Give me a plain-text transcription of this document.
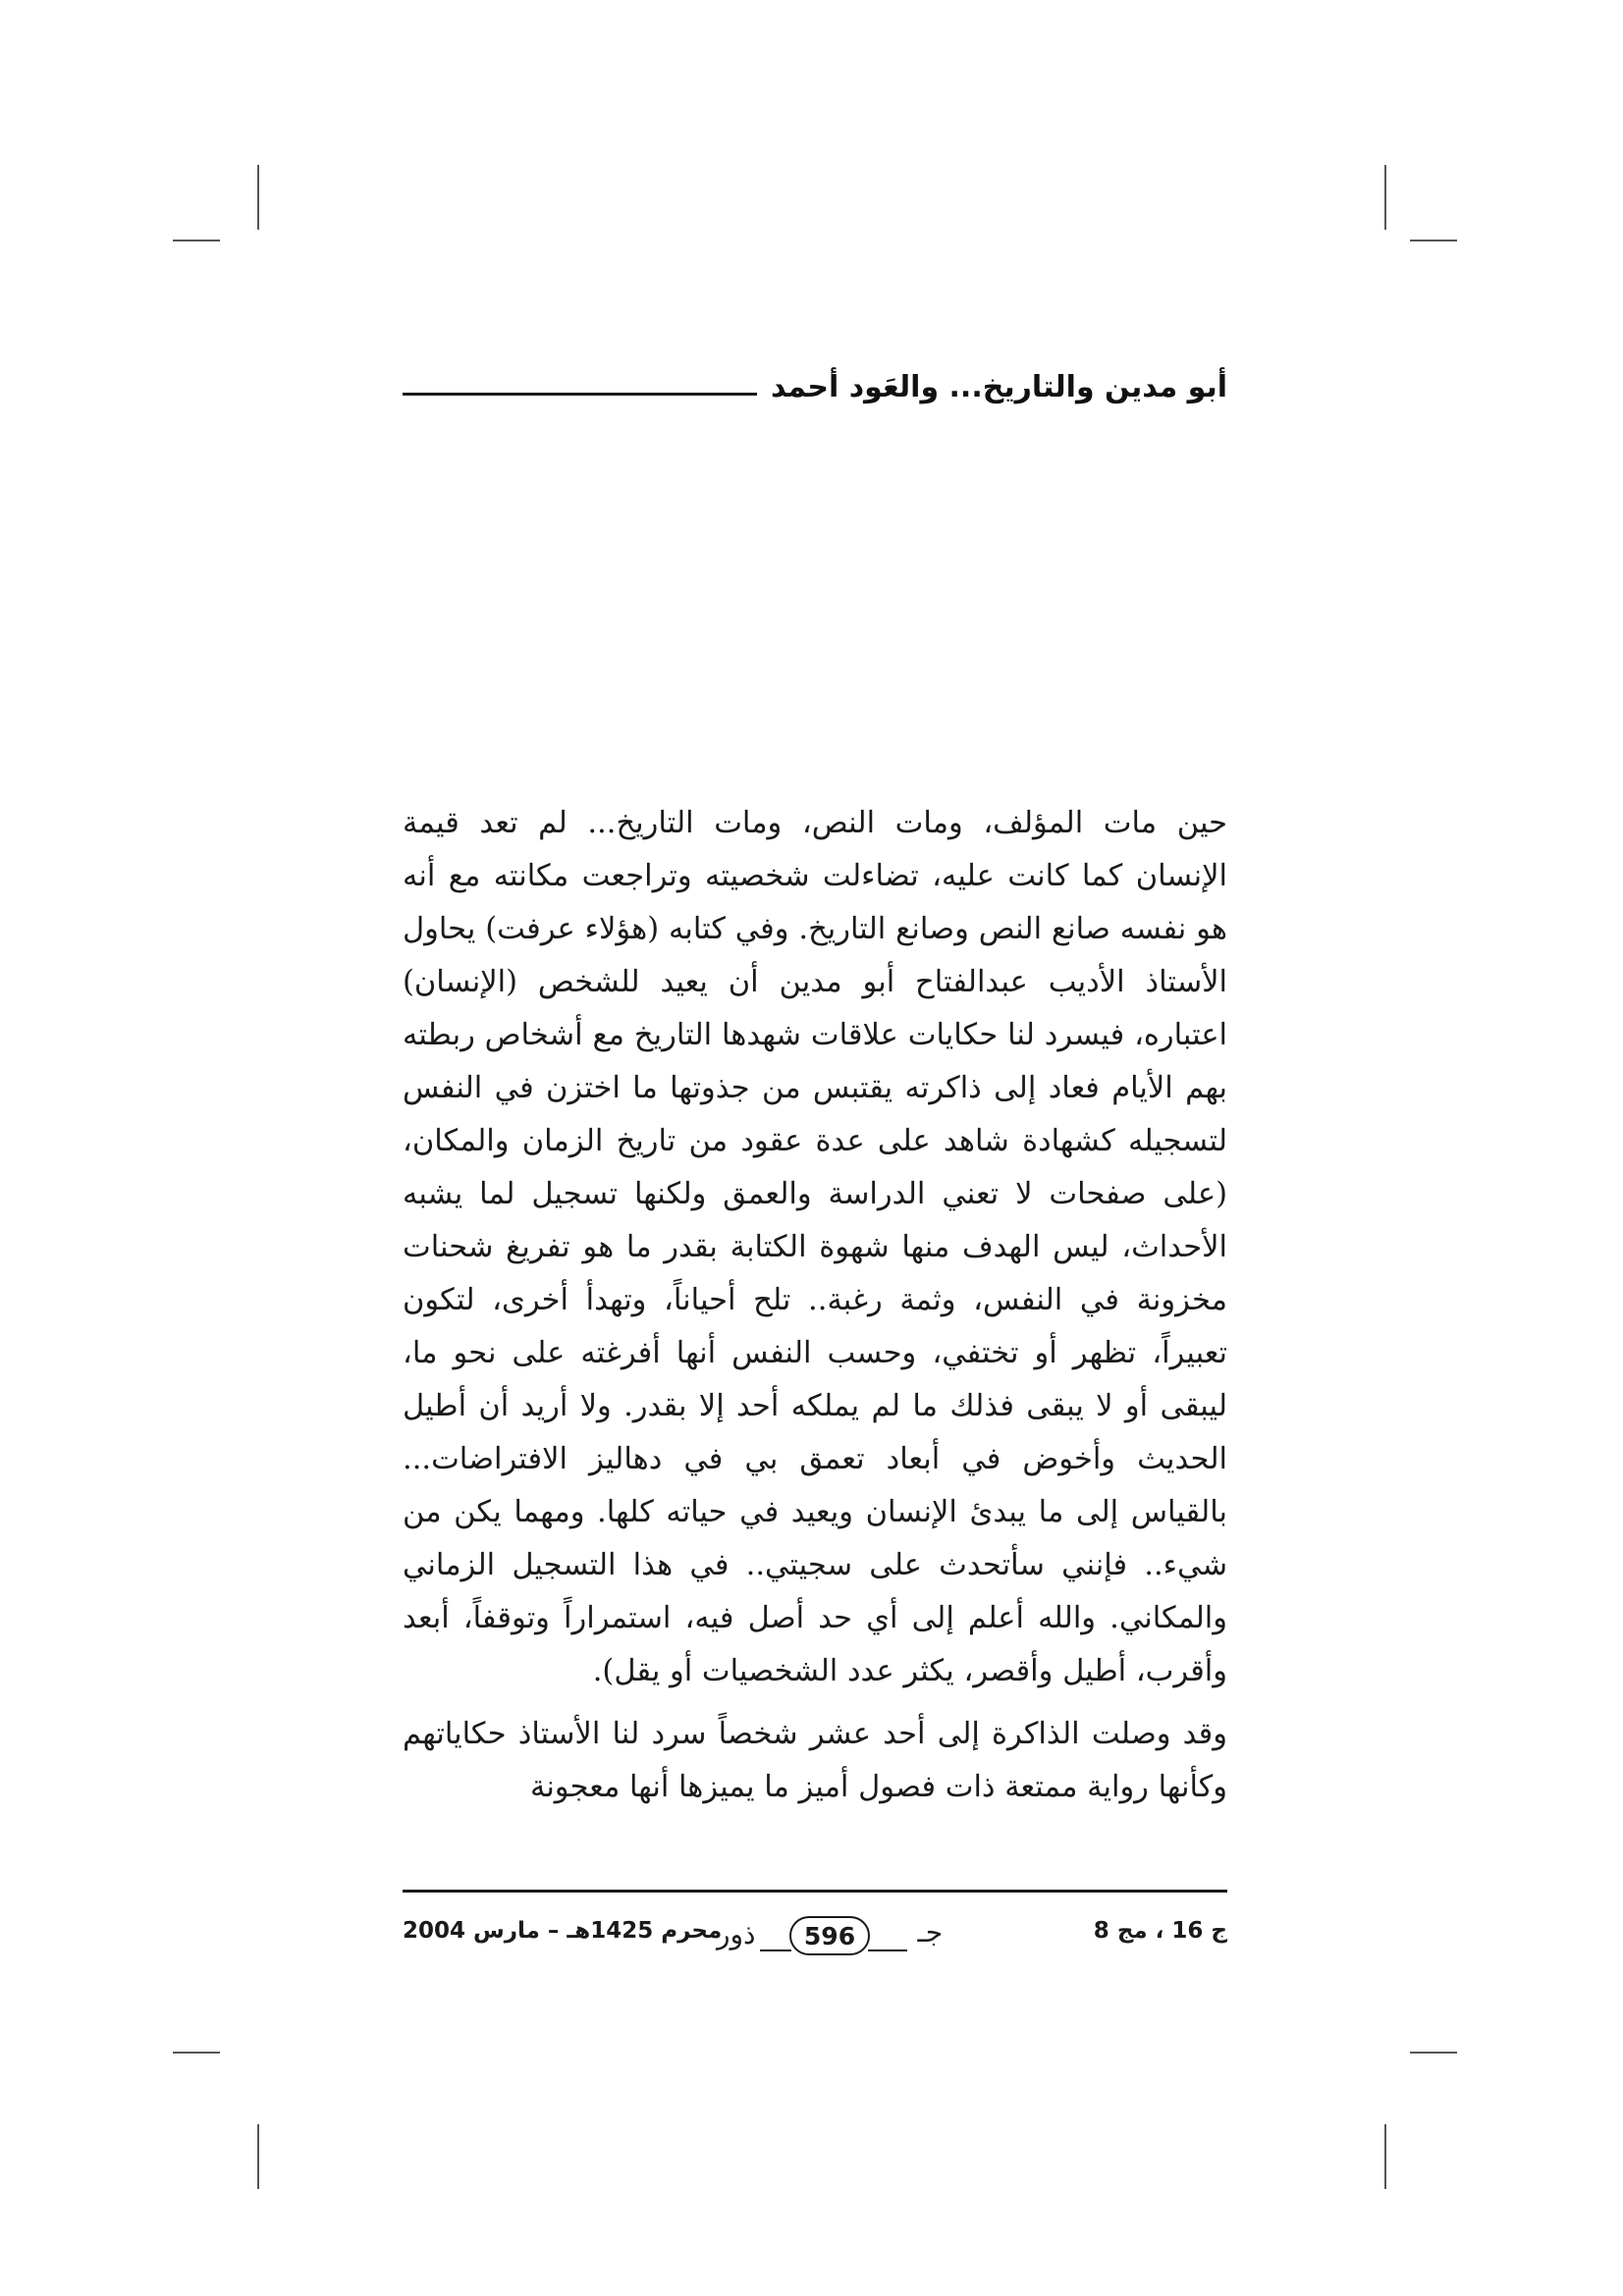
أبو مدين والتاريخ... والعَود أحمد

حين مات المؤلف، ومات النص، ومات التاريخ... لم تعد قيمة الإنسان كما كانت عليه، تضاءلت شخصيته وتراجعت مكانته مع أنه هو نفسه صانع النص وصانع التاريخ. وفي كتابه (هؤلاء عرفت) يحاول الأستاذ الأديب عبدالفتاح أبو مدين أن يعيد للشخص (الإنسان) اعتباره، فيسرد لنا حكايات علاقات شهدها التاريخ مع أشخاص ربطته بهم الأيام فعاد إلى ذاكرته يقتبس من جذوتها ما اختزن في النفس لتسجيله كشهادة شاهد على عدة عقود من تاريخ الزمان والمكان، (على صفحات لا تعني الدراسة والعمق ولكنها تسجيل لما يشبه الأحداث، ليس الهدف منها شهوة الكتابة بقدر ما هو تفريغ شحنات مخزونة في النفس، وثمة رغبة.. تلح أحياناً، وتهدأ أخرى، لتكون تعبيراً، تظهر أو تختفي، وحسب النفس أنها أفرغته على نحو ما، ليبقى أو لا يبقى فذلك ما لم يملكه أحد إلا بقدر. ولا أريد أن أطيل الحديث وأخوض في أبعاد تعمق بي في دهاليز الافتراضات... بالقياس إلى ما يبدئ الإنسان ويعيد في حياته كلها. ومهما يكن من شيء.. فإنني سأتحدث على سجيتي.. في هذا التسجيل الزماني والمكاني. والله أعلم إلى أي حد أصل فيه، استمراراً وتوقفاً، أبعد وأقرب، أطيل وأقصر، يكثر عدد الشخصيات أو يقل).

وقد وصلت الذاكرة إلى أحد عشر شخصاً سرد لنا الأستاذ حكاياتهم وكأنها رواية ممتعة ذات فصول أميز ما يميزها أنها معجونة

ج 16 ، مج 8
ذور	596	جـ
محرم 1425هـ – مارس 2004
